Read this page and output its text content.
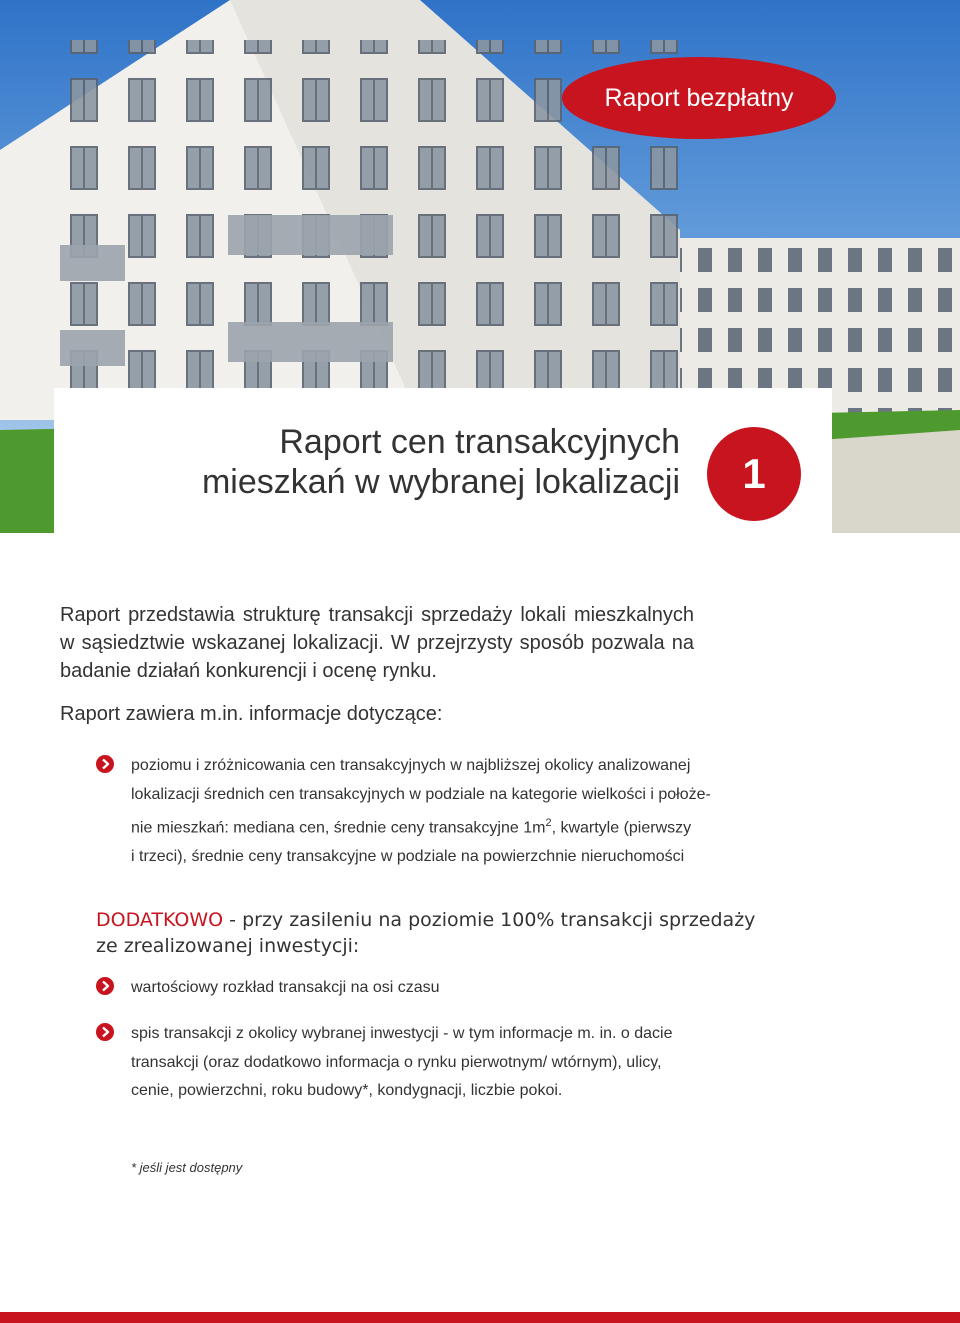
Raport bezpłatny
Raport cen transakcyjnych
mieszkań w wybranej lokalizacji	1
Raport przedstawia strukturę transakcji sprzedaży lokali mieszkalnych w sąsiedztwie wskazanej lokalizacji. W przejrzysty sposób pozwala na badanie działań konkurencji i ocenę rynku.
Raport zawiera m.in. informacje dotyczące:
poziomu i zróżnicowania cen transakcyjnych w najbliższej okolicy analizowanej
lokalizacji średnich cen transakcyjnych w podziale na kategorie wielkości i położe-
nie mieszkań: mediana cen, średnie ceny transakcyjne $1m^2$, kwartyle (pierwszy
i trzeci), średnie ceny transakcyjne w podziale na powierzchnie nieruchomości
DODATKOWO - przy zasileniu na poziomie 100% transakcji sprzedaży
ze zrealizowanej inwestycji:
wartościowy rozkład transakcji na osi czasu
spis transakcji z okolicy wybranej inwestycji - w tym informacje m. in. o dacie
transakcji (oraz dodatkowo informacja o rynku pierwotnym/ wtórnym), ulicy,
cenie, powierzchni, roku budowy*, kondygnacji, liczbie pokoi.
* jeśli jest dostępny
